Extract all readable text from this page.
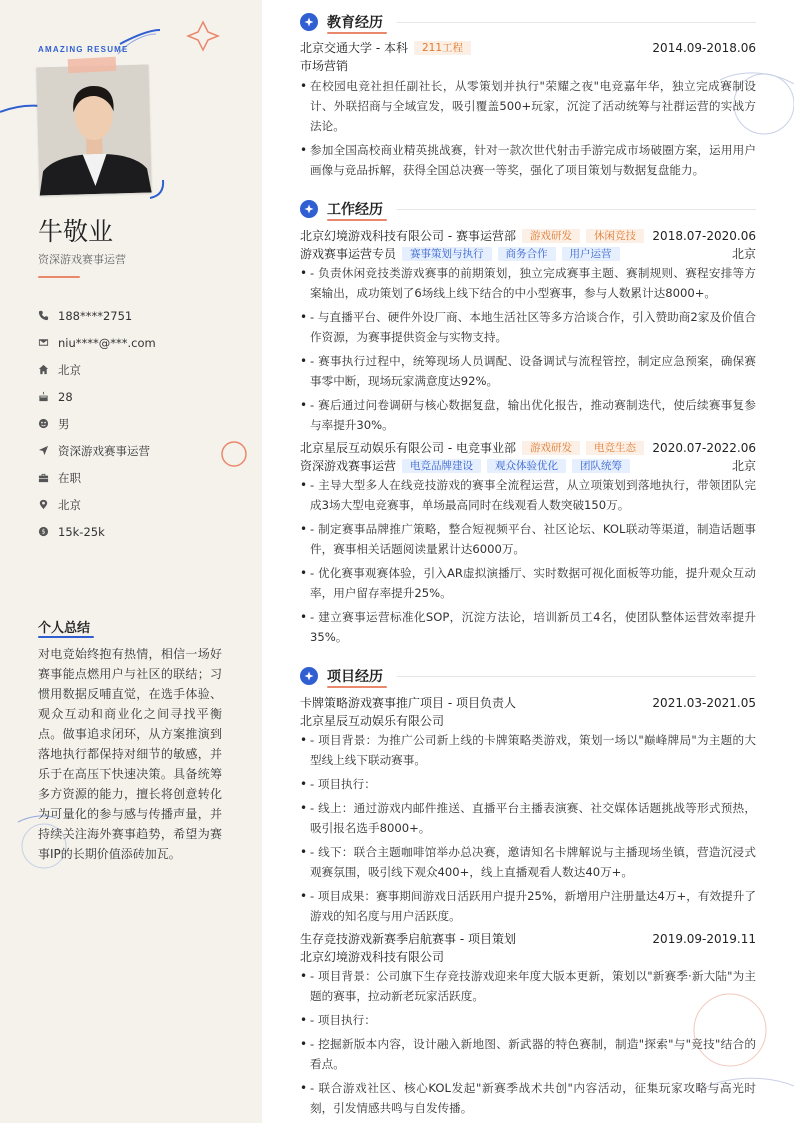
AMAZING RESUME
牛敬业
资深游戏赛事运营
188****2751
niu****@***.com
北京
28
男
资深游戏赛事运营
在职
北京
$ 15k-25k
个人总结
对电竞始终抱有热情，相信一场好赛事能点燃用户与社区的联结；习惯用数据反哺直觉，在选手体验、观众互动和商业化之间寻找平衡点。做事追求闭环，从方案推演到落地执行都保持对细节的敏感，并乐于在高压下快速决策。具备统筹多方资源的能力，擅长将创意转化为可量化的参与感与传播声量，并持续关注海外赛事趋势，希望为赛事IP的长期价值添砖加瓦。
教育经历
北京交通大学 - 本科	211工程	2014.09-2018.06
市场营销
• 在校园电竞社担任副社长，从零策划并执行"荣耀之夜"电竞嘉年华，独立完成赛制设计、外联招商与全域宣发，吸引覆盖500+玩家，沉淀了活动统筹与社群运营的实战方法论。
• 参加全国高校商业精英挑战赛，针对一款次世代射击手游完成市场破圈方案，运用用户画像与竞品拆解，获得全国总决赛一等奖，强化了项目策划与数据复盘能力。
工作经历
北京幻境游戏科技有限公司 - 赛事运营部	游戏研发	休闲竞技	2018.07-2020.06
游戏赛事运营专员	赛事策划与执行	商务合作	用户运营	北京
• - 负责休闲竞技类游戏赛事的前期策划，独立完成赛事主题、赛制规则、赛程安排等方案输出，成功策划了6场线上线下结合的中小型赛事，参与人数累计达8000+。
• - 与直播平台、硬件外设厂商、本地生活社区等多方洽谈合作，引入赞助商2家及价值合作资源，为赛事提供资金与实物支持。
• - 赛事执行过程中，统筹现场人员调配、设备调试与流程管控，制定应急预案，确保赛事零中断，现场玩家满意度达92%。
• - 赛后通过问卷调研与核心数据复盘，输出优化报告，推动赛制迭代，使后续赛事复参与率提升30%。
北京星辰互动娱乐有限公司 - 电竞事业部	游戏研发	电竞生态	2020.07-2022.06
资深游戏赛事运营	电竞品牌建设	观众体验优化	团队统筹	北京
• - 主导大型多人在线竞技游戏的赛事全流程运营，从立项策划到落地执行，带领团队完成3场大型电竞赛事，单场最高同时在线观看人数突破150万。
• - 制定赛事品牌推广策略，整合短视频平台、社区论坛、KOL联动等渠道，制造话题事件，赛事相关话题阅读量累计达6000万。
• - 优化赛事观赛体验，引入AR虚拟演播厅、实时数据可视化面板等功能，提升观众互动率，用户留存率提升25%。
• - 建立赛事运营标准化SOP，沉淀方法论，培训新员工4名，使团队整体运营效率提升35%。
项目经历
卡牌策略游戏赛事推广项目 - 项目负责人	2021.03-2021.05
北京星辰互动娱乐有限公司
• - 项目背景：为推广公司新上线的卡牌策略类游戏，策划一场以"巅峰牌局"为主题的大型线上线下联动赛事。
• - 项目执行：
• - 线上：通过游戏内邮件推送、直播平台主播表演赛、社交媒体话题挑战等形式预热，吸引报名选手8000+。
• - 线下：联合主题咖啡馆举办总决赛，邀请知名卡牌解说与主播现场坐镇，营造沉浸式观赛氛围，吸引线下观众400+，线上直播观看人数达40万+。
• - 项目成果：赛事期间游戏日活跃用户提升25%，新增用户注册量达4万+，有效提升了游戏的知名度与用户活跃度。
生存竞技游戏新赛季启航赛事 - 项目策划	2019.09-2019.11
北京幻境游戏科技有限公司
• - 项目背景：公司旗下生存竞技游戏迎来年度大版本更新，策划以"新赛季·新大陆"为主题的赛事，拉动新老玩家活跃度。
• - 项目执行：
• - 挖掘新版本内容，设计融入新地图、新武器的特色赛制，制造"探索"与"竞技"结合的看点。
• - 联合游戏社区、核心KOL发起"新赛季战术共创"内容活动，征集玩家攻略与高光时刻，引发情感共鸣与自发传播。
